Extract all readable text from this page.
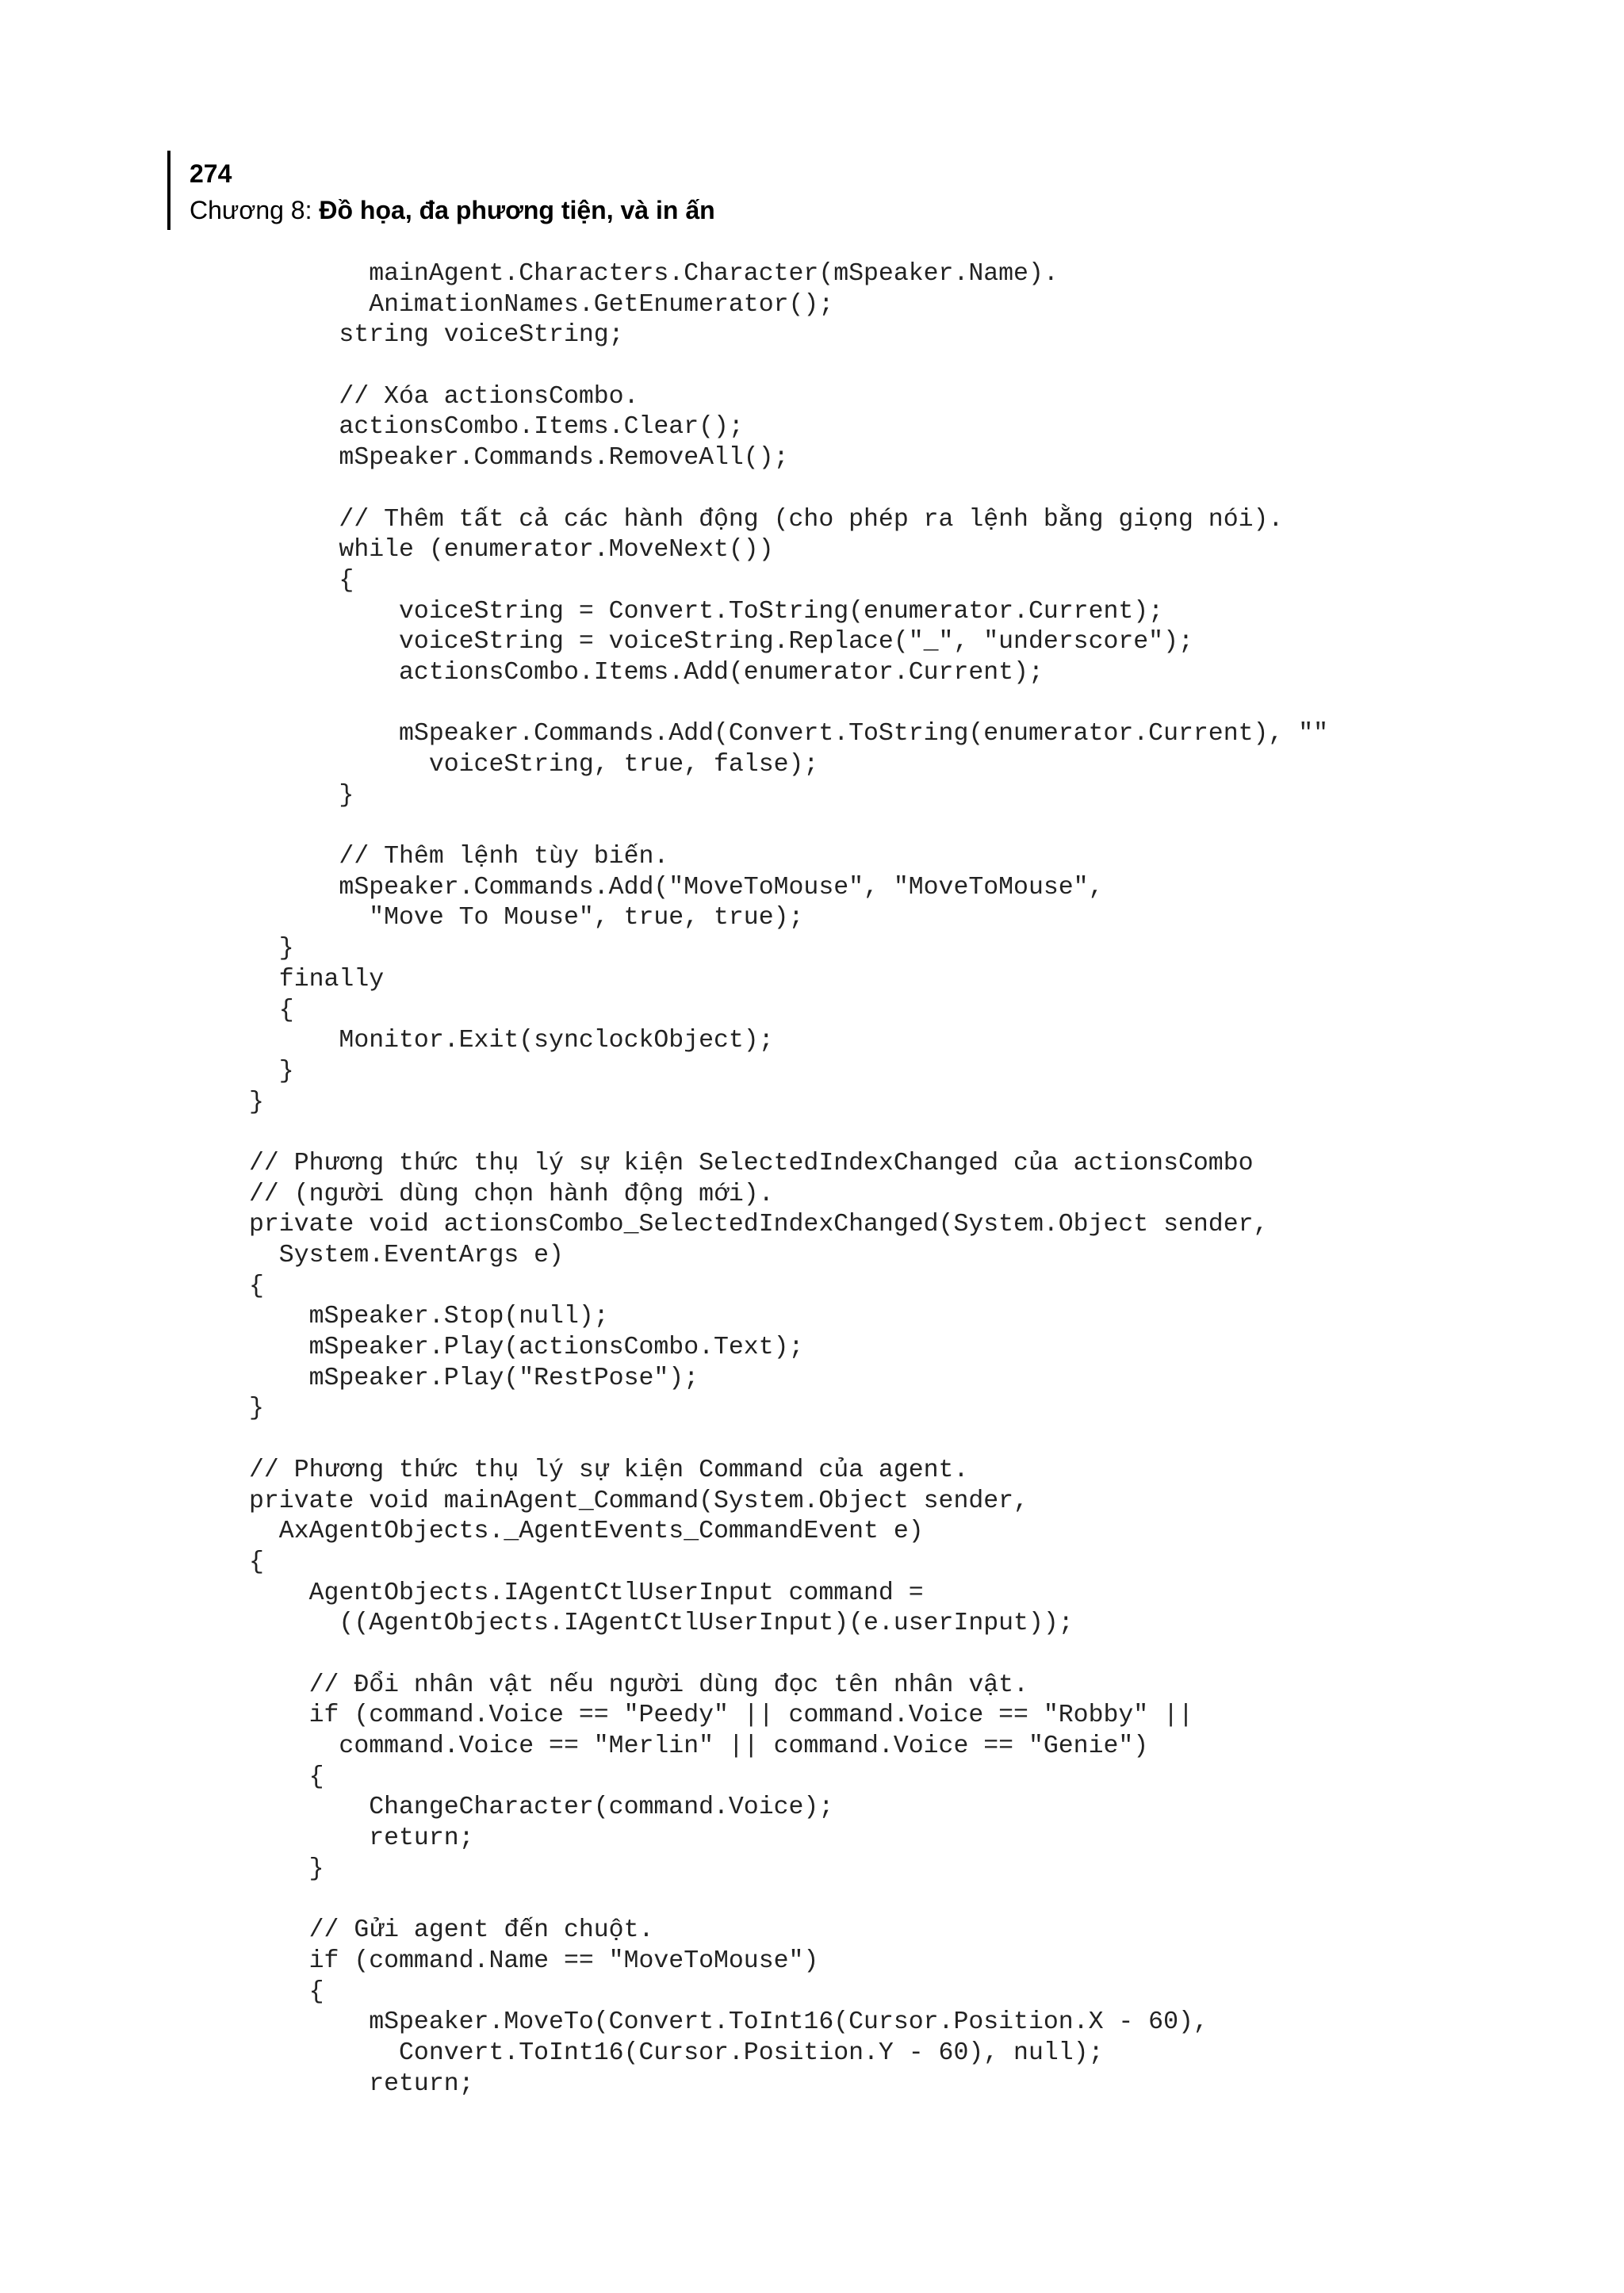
274
Chương 8: Đồ họa, đa phương tiện, và in ấn
mainAgent.Characters.Character(mSpeaker.Name).
AnimationNames.GetEnumerator();
string voiceString;
// Xóa actionsCombo.
actionsCombo.Items.Clear();
mSpeaker.Commands.RemoveAll();
// Thêm tất cả các hành động (cho phép ra lệnh bằng giọng nói).
while (enumerator.MoveNext())
{
voiceString = Convert.ToString(enumerator.Current);
voiceString = voiceString.Replace("_", "underscore");
actionsCombo.Items.Add(enumerator.Current);
mSpeaker.Commands.Add(Convert.ToString(enumerator.Current), ""
voiceString, true, false);
}
// Thêm lệnh tùy biến.
mSpeaker.Commands.Add("MoveToMouse", "MoveToMouse",
"Move To Mouse", true, true);
}
finally
{
Monitor.Exit(synclockObject);
}
}
// Phương thức thụ lý sự kiện SelectedIndexChanged của actionsCombo
// (người dùng chọn hành động mới).
private void actionsCombo_SelectedIndexChanged(System.Object sender,
System.EventArgs e)
{
mSpeaker.Stop(null);
mSpeaker.Play(actionsCombo.Text);
mSpeaker.Play("RestPose");
}
// Phương thức thụ lý sự kiện Command của agent.
private void mainAgent_Command(System.Object sender,
AxAgentObjects._AgentEvents_CommandEvent e)
{
AgentObjects.IAgentCtlUserInput command =
((AgentObjects.IAgentCtlUserInput)(e.userInput));
// Đổi nhân vật nếu người dùng đọc tên nhân vật.
if (command.Voice == "Peedy" || command.Voice == "Robby" ||
command.Voice == "Merlin" || command.Voice == "Genie")
{
ChangeCharacter(command.Voice);
return;
}
// Gửi agent đến chuột.
if (command.Name == "MoveToMouse")
{
mSpeaker.MoveTo(Convert.ToInt16(Cursor.Position.X - 60),
Convert.ToInt16(Cursor.Position.Y - 60), null);
return;
